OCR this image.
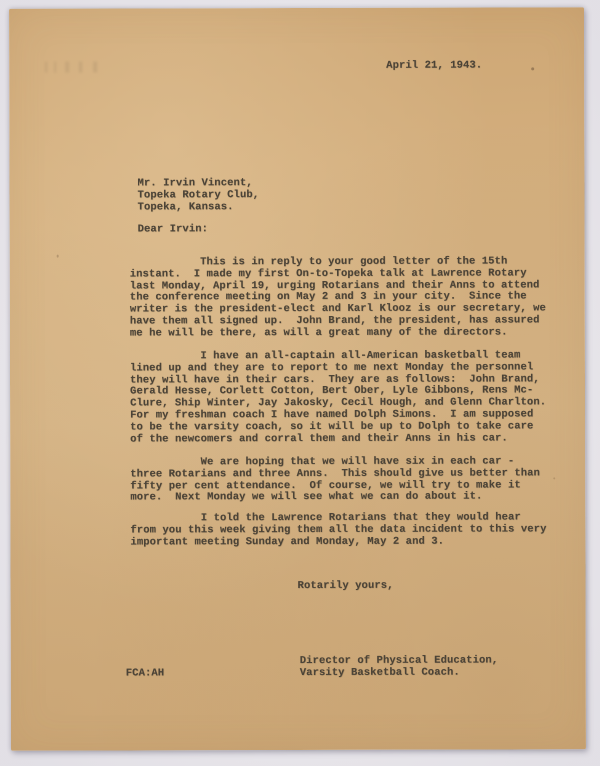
April 21, 1943.
Mr. Irvin Vincent,
Topeka Rotary Club,
Topeka, Kansas.
Dear Irvin:
This is in reply to your good letter of the 15th
instant.  I made my first On-to-Topeka talk at Lawrence Rotary
last Monday, April 19, urging Rotarians and their Anns to attend
the conference meeting on May 2 and 3 in your city.  Since the
writer is the president-elect and Karl Klooz is our secretary, we
have them all signed up.  John Brand, the president, has assured
me he will be there, as will a great many of the directors.
I have an all-captain all-American basketball team
lined up and they are to report to me next Monday the personnel
they will have in their cars.  They are as follows:  John Brand,
Gerald Hesse, Corlett Cotton, Bert Ober, Lyle Gibbons, Rens Mc-
Clure, Ship Winter, Jay Jakosky, Cecil Hough, and Glenn Charlton.
For my freshman coach I have named Dolph Simons.  I am supposed
to be the varsity coach, so it will be up to Dolph to take care
of the newcomers and corral them and their Anns in his car.
We are hoping that we will have six in each car -
three Rotarians and three Anns.  This should give us better than
fifty per cent attendance.  Of course, we will try to make it
more.  Next Monday we will see what we can do about it.
I told the Lawrence Rotarians that they would hear
from you this week giving them all the data incident to this very
important meeting Sunday and Monday, May 2 and 3.
Rotarily yours,
Director of Physical Education,
Varsity Basketball Coach.
FCA:AH
